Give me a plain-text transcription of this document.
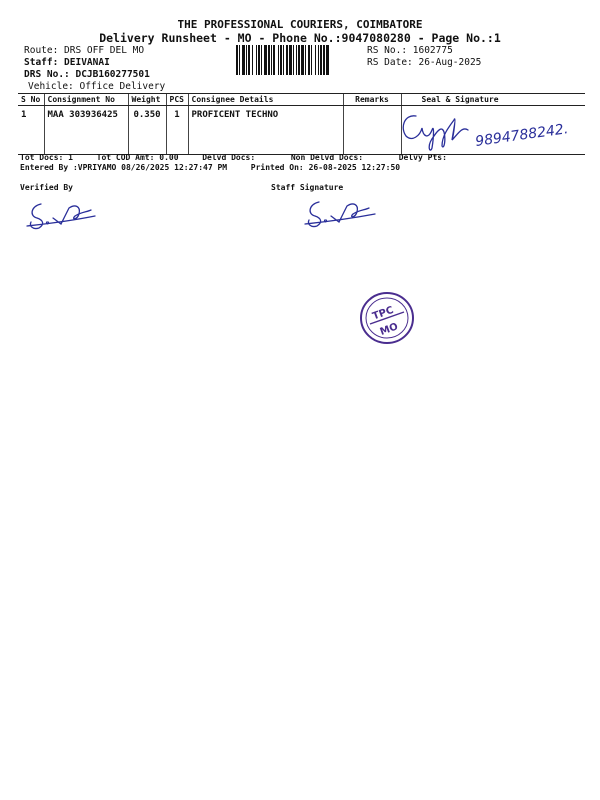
THE PROFESSIONAL COURIERS, COIMBATORE
Delivery Runsheet - MO - Phone No.:9047080280 - Page No.:1
Route: DRS OFF DEL MO
Staff: DEIVANAI
DRS No.: DCJB160277501
Vehicle: Office Delivery
RS No.: 1602775
RS Date: 26-Aug-2025
S No	Consignment No	Weight	PCS	Consignee Details	Remarks	Seal & Signature
1	MAA 303936425	0.350	1	PROFICENT TECHNO		
9894788242.
Tot Docs: 1	Tot COD Amt: 0.00	Delvd Docs:	Non Delvd Docs:	Delvy Pts:
Entered By :VPRIYAMO 08/26/2025 12:27:47 PM	Printed On: 26-08-2025 12:27:50
Verified By	Staff Signature
TPC
MO
